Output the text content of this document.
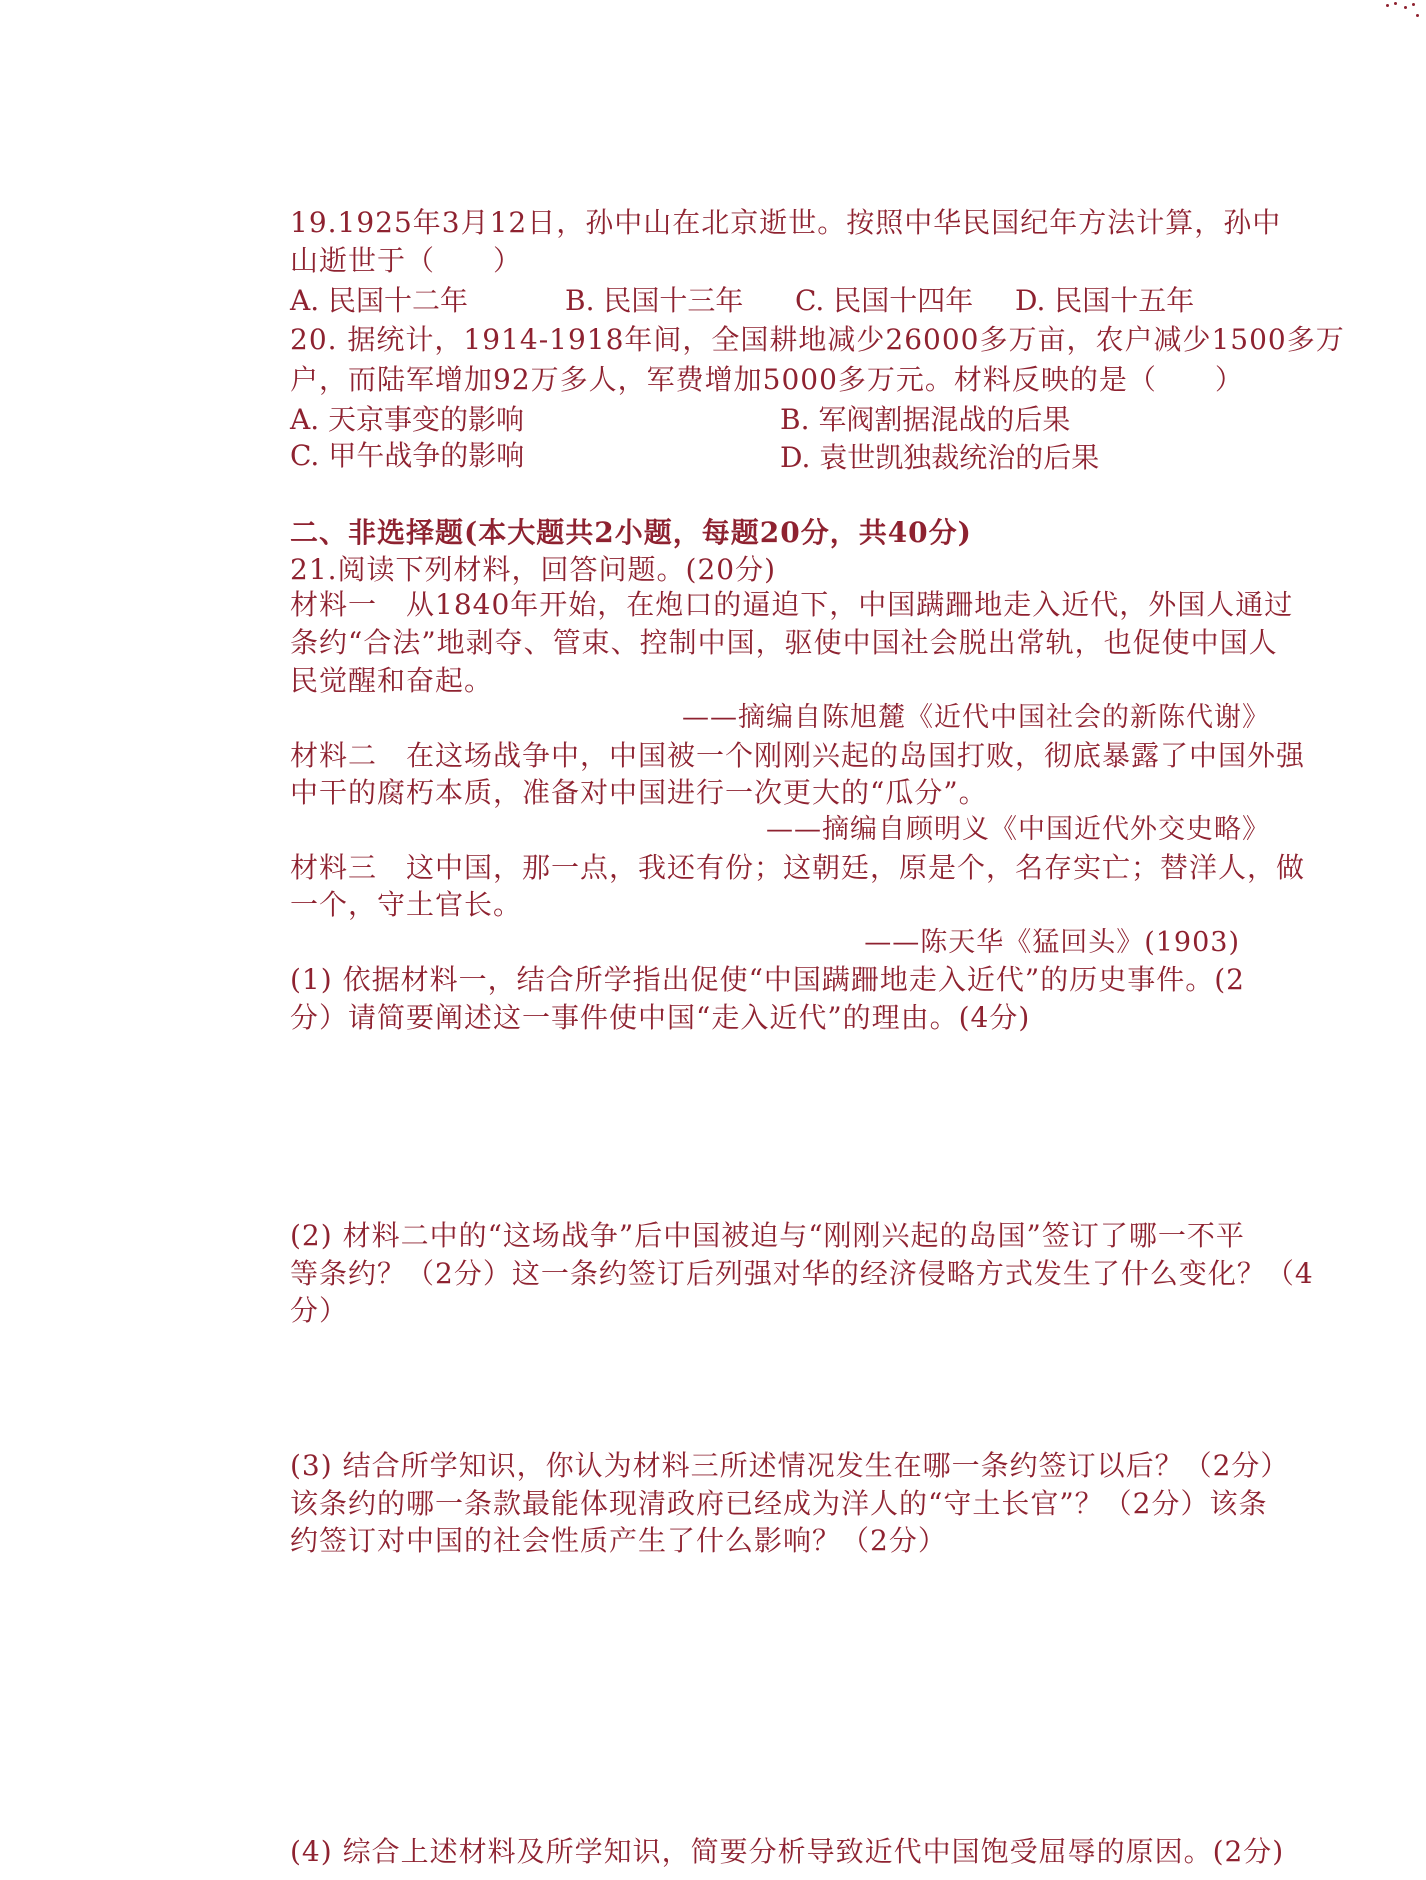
19.1925年3月12日，孙中山在北京逝世。按照中华民国纪年方法计算，孙中
山逝世于（　　）
A. 民国十二年	B. 民国十三年 C. 民国十四年 D. 民国十五年
20. 据统计，1914-1918年间，全国耕地减少26000多万亩，农户减少1500多万
户，而陆军增加92万多人，军费增加5000多万元。材料反映的是（　　）
A. 天京事变的影响	B. 军阀割据混战的后果
C. 甲午战争的影响	D. 袁世凯独裁统治的后果
二、非选择题(本大题共2小题，每题20分，共40分)
21.阅读下列材料，回答问题。(20分)
材料一　从1840年开始，在炮口的逼迫下，中国蹒跚地走入近代，外国人通过
条约“合法”地剥夺、管束、控制中国，驱使中国社会脱出常轨，也促使中国人
民觉醒和奋起。
——摘编自陈旭麓《近代中国社会的新陈代谢》
材料二　在这场战争中，中国被一个刚刚兴起的岛国打败，彻底暴露了中国外强
中干的腐朽本质，准备对中国进行一次更大的“瓜分”。
——摘编自顾明义《中国近代外交史略》
材料三　这中国，那一点，我还有份；这朝廷，原是个，名存实亡；替洋人，做
一个，守土官长。
——陈天华《猛回头》(1903)
(1) 依据材料一，结合所学指出促使“中国蹒跚地走入近代”的历史事件。(2
分）请简要阐述这一事件使中国“走入近代”的理由。(4分)
(2) 材料二中的“这场战争”后中国被迫与“刚刚兴起的岛国”签订了哪一不平
等条约？（2分）这一条约签订后列强对华的经济侵略方式发生了什么变化？（4
分）
(3) 结合所学知识，你认为材料三所述情况发生在哪一条约签订以后？（2分）
该条约的哪一条款最能体现清政府已经成为洋人的“守土长官”？（2分）该条
约签订对中国的社会性质产生了什么影响？（2分）
(4) 综合上述材料及所学知识，简要分析导致近代中国饱受屈辱的原因。(2分)
